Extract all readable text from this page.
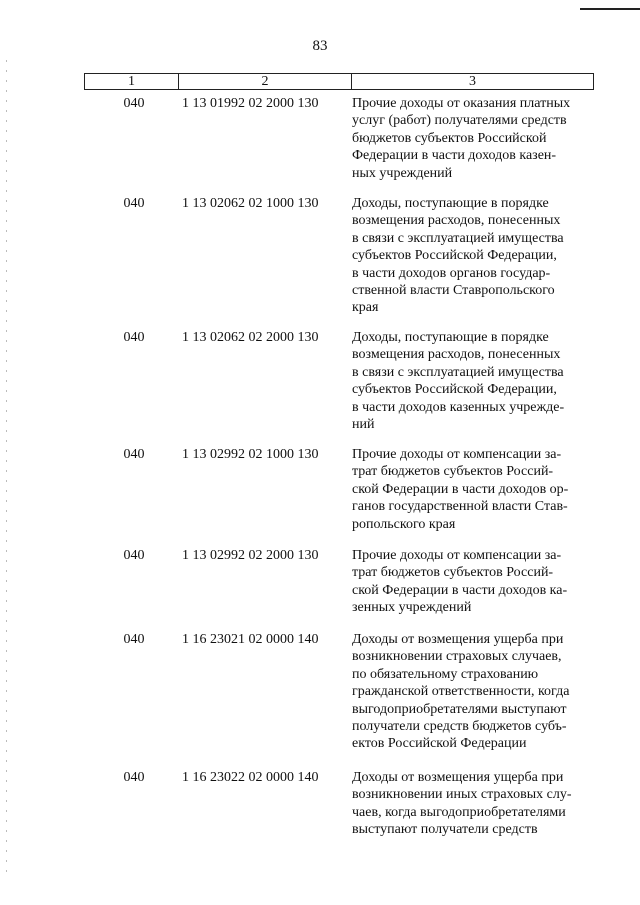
83
1	2	3
040	1 13 01992 02 2000 130	Прочие доходы от оказания платных
услуг (работ) получателями средств
бюджетов субъектов Российской
Федерации в части доходов казен-
ных учреждений
040	1 13 02062 02 1000 130	Доходы, поступающие в порядке
возмещения расходов, понесенных
в связи с эксплуатацией имущества
субъектов Российской Федерации,
в части доходов органов государ-
ственной власти Ставропольского
края
040	1 13 02062 02 2000 130	Доходы, поступающие в порядке
возмещения расходов, понесенных
в связи с эксплуатацией имущества
субъектов Российской Федерации,
в части доходов казенных учрежде-
ний
040	1 13 02992 02 1000 130	Прочие доходы от компенсации за-
трат бюджетов субъектов Россий-
ской Федерации в части доходов ор-
ганов государственной власти Став-
ропольского края
040	1 13 02992 02 2000 130	Прочие доходы от компенсации за-
трат бюджетов субъектов Россий-
ской Федерации в части доходов ка-
зенных учреждений
040	1 16 23021 02 0000 140	Доходы от возмещения ущерба при
возникновении страховых случаев,
по обязательному страхованию
гражданской ответственности, когда
выгодоприобретателями выступают
получатели средств бюджетов субъ-
ектов Российской Федерации
040	1 16 23022 02 0000 140	Доходы от возмещения ущерба при
возникновении иных страховых слу-
чаев, когда выгодоприобретателями
выступают получатели средств
